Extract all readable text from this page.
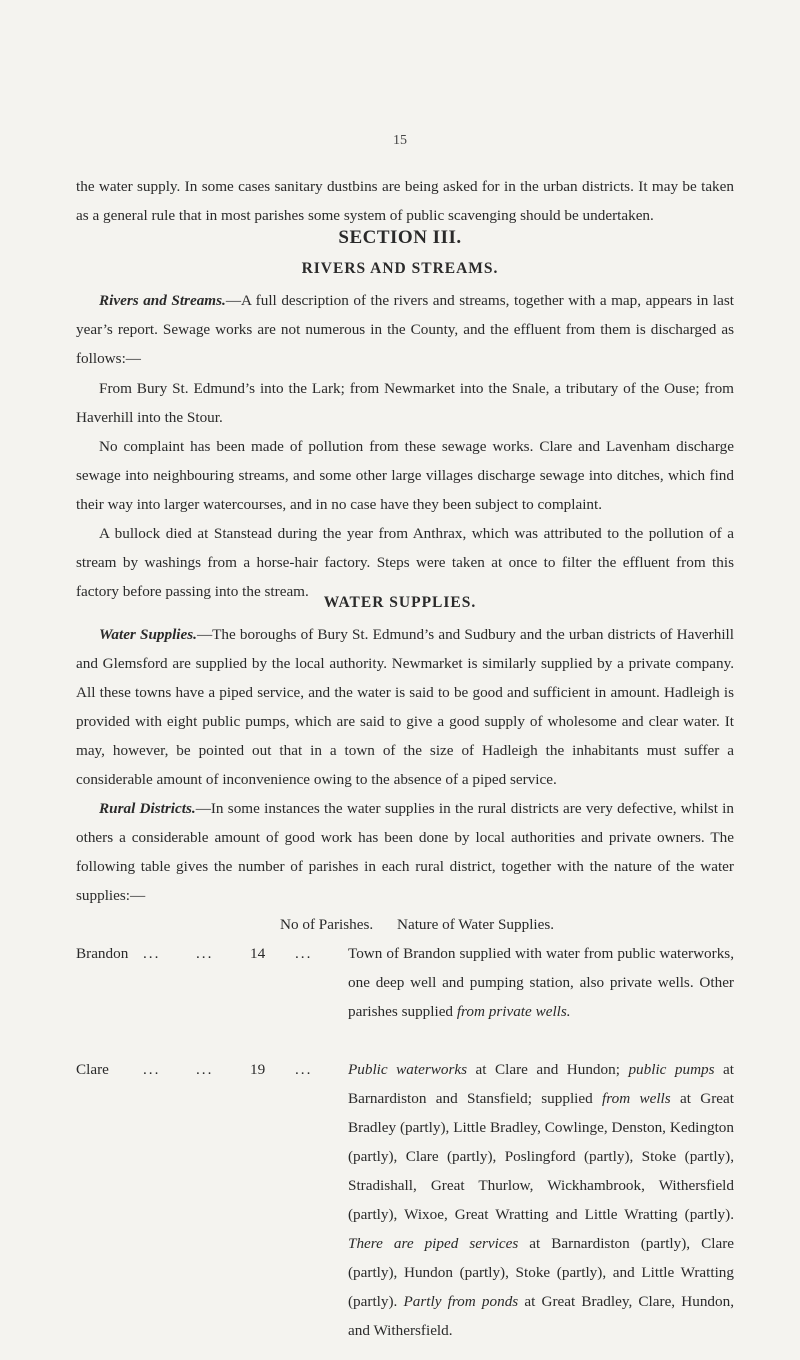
15

the water supply. In some cases sanitary dustbins are being asked for in the urban districts. It may be taken as a general rule that in most parishes some system of public scavenging should be undertaken.

SECTION III.
RIVERS AND STREAMS.

Rivers and Streams.—A full description of the rivers and streams, together with a map, appears in last year’s report. Sewage works are not numerous in the County, and the effluent from them is discharged as follows:—

From Bury St. Edmund’s into the Lark; from Newmarket into the Snale, a tributary of the Ouse; from Haverhill into the Stour.

No complaint has been made of pollution from these sewage works. Clare and Lavenham discharge sewage into neighbouring streams, and some other large villages discharge sewage into ditches, which find their way into larger watercourses, and in no case have they been subject to complaint.

A bullock died at Stanstead during the year from Anthrax, which was attributed to the pollution of a stream by washings from a horse-hair factory. Steps were taken at once to filter the effluent from this factory before passing into the stream.

WATER SUPPLIES.

Water Supplies.—The boroughs of Bury St. Edmund’s and Sudbury and the urban districts of Haverhill and Glemsford are supplied by the local authority. Newmarket is similarly supplied by a private company. All these towns have a piped service, and the water is said to be good and sufficient in amount. Hadleigh is provided with eight public pumps, which are said to give a good supply of wholesome and clear water. It may, however, be pointed out that in a town of the size of Hadleigh the inhabitants must suffer a considerable amount of inconvenience owing to the absence of a piped service.

Rural Districts.—In some instances the water supplies in the rural districts are very defective, whilst in others a considerable amount of good work has been done by local authorities and private owners. The following table gives the number of parishes in each rural district, together with the nature of the water supplies:—

No of Parishes. Nature of Water Supplies.
Brandon ... ... 14 ... Town of Brandon supplied with water from public waterworks, one deep well and pumping station, also private wells. Other parishes supplied from private wells.

Clare ... ... 19 ... Public waterworks at Clare and Hundon; public pumps at Barnardiston and Stansfield; supplied from wells at Great Bradley (partly), Little Bradley, Cowlinge, Denston, Kedington (partly), Clare (partly), Poslingford (partly), Stoke (partly), Stradishall, Great Thurlow, Wickhambrook, Withersfield (partly), Wixoe, Great Wratting and Little Wratting (partly). There are piped services at Barnardiston (partly), Clare (partly), Hundon (partly), Stoke (partly), and Little Wratting (partly). Partly from ponds at Great Bradley, Clare, Hundon, and Withersfield.
